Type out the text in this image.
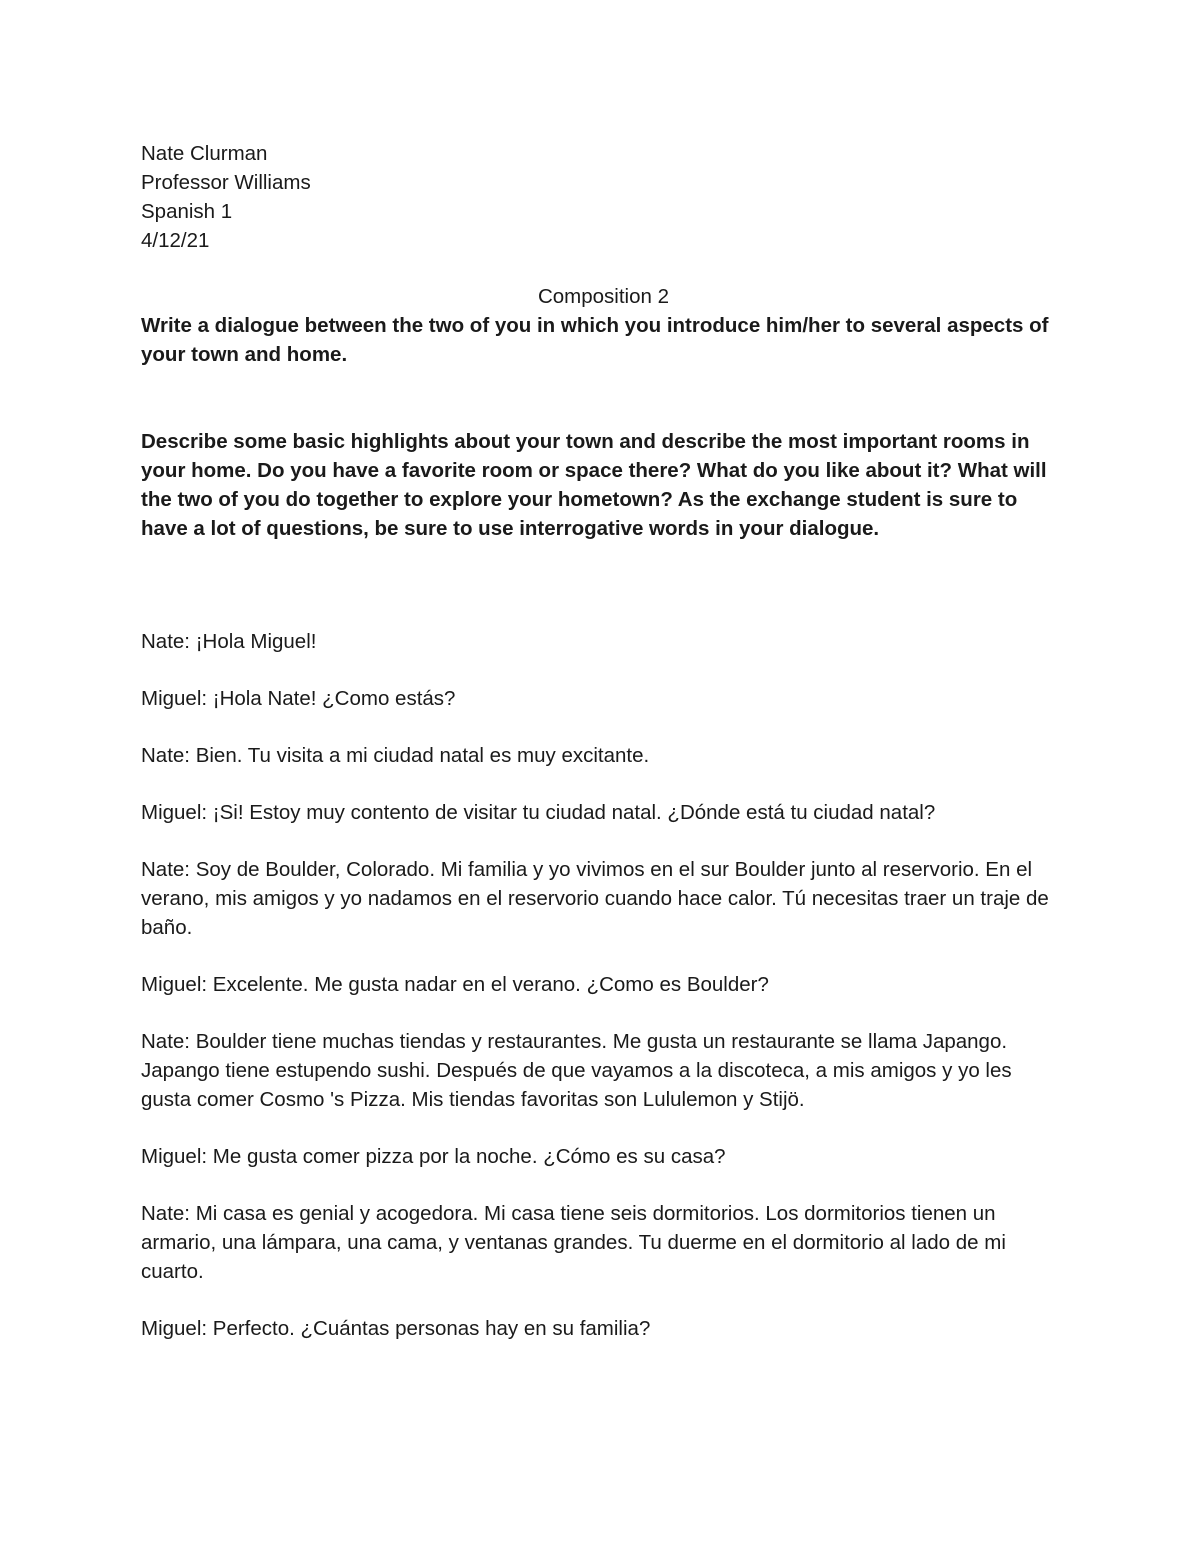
Nate Clurman
Professor Williams
Spanish 1
4/12/21
Composition 2

Write a dialogue between the two of you in which you introduce him/her to several aspects of your town and home.

Describe some basic highlights about your town and describe the most important rooms in your home. Do you have a favorite room or space there? What do you like about it? What will the two of you do together to explore your hometown? As the exchange student is sure to have a lot of questions, be sure to use interrogative words in your dialogue.

Nate: ¡Hola Miguel!

Miguel: ¡Hola Nate! ¿Como estás?

Nate: Bien. Tu visita a mi ciudad natal es muy excitante.

Miguel: ¡Si! Estoy muy contento de visitar tu ciudad natal. ¿Dónde está tu ciudad natal?

Nate: Soy de Boulder, Colorado. Mi familia y yo vivimos en el sur Boulder junto al reservorio. En el verano, mis amigos y yo nadamos en el reservorio cuando hace calor. Tú necesitas traer un traje de baño.

Miguel: Excelente. Me gusta nadar en el verano. ¿Como es Boulder?

Nate: Boulder tiene muchas tiendas y restaurantes. Me gusta un restaurante se llama Japango. Japango tiene estupendo sushi. Después de que vayamos a la discoteca, a mis amigos y yo les gusta comer Cosmo 's Pizza. Mis tiendas favoritas son Lululemon y Stijö.

Miguel: Me gusta comer pizza por la noche. ¿Cómo es su casa?

Nate: Mi casa es genial y acogedora. Mi casa tiene seis dormitorios. Los dormitorios tienen un armario, una lámpara, una cama, y ventanas grandes. Tu duerme en el dormitorio al lado de mi cuarto.

Miguel: Perfecto. ¿Cuántas personas hay en su familia?
